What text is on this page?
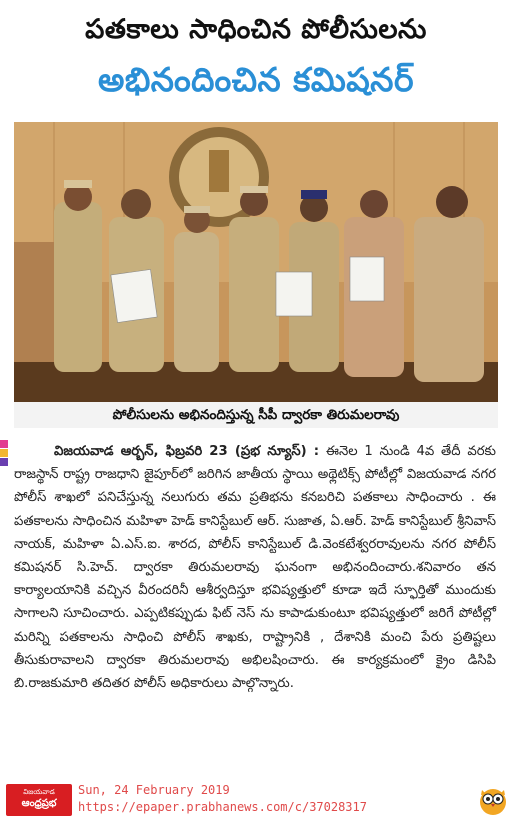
పతకాలు సాధించిన పోలీసులను
అభినందించిన కమిషనర్
పోలీసులను అభినందిస్తున్న సీపీ ద్వారకా తిరుమలరావు
విజయవాడ ఆర్బన్, ఫిబ్రవరి 23 (ప్రభ న్యూస్) : ఈనెల 1 నుండి 4వ తేదీ వరకు రాజస్థాన్ రాష్ట్ర రాజధాని జైపూర్‌లో జరిగిన జాతీయ స్థాయి అథ్లెటిక్స్ పోటీల్లో విజయవాడ నగర పోలీస్ శాఖలో పనిచేస్తున్న నలుగురు తమ ప్రతిభను కనబరిచి పతకాలు సాధించారు . ఈ పతకాలను సాధించిన మహిళా హెడ్ కానిస్టేబుల్ ఆర్. సుజాత, ఏ.ఆర్. హెడ్ కానిస్టేబుల్ శ్రీనివాస్ నాయక్, మహిళా ఏ.ఎస్.ఐ. శారద, పోలీస్ కానిస్టేబుల్ డి.వెంకటేశ్వరరావులను నగర పోలీస్ కమిషనర్ సి.హెచ్. ద్వారకా తిరుమలరావు ఘనంగా అభినందించారు.శనివారం తన కార్యాలయానికి వచ్చిన వీరందరినీ ఆశీర్వదిస్తూ భవిష్యత్తులో కూడా ఇదే స్ఫూర్తితో ముందుకు సాగాలని సూచించారు. ఎప్పటికప్పుడు ఫిట్ నెస్ ను కాపాడుకుంటూ భవిష్యత్తులో జరిగే పోటీల్లో మరిన్ని పతకాలను సాధించి పోలీస్ శాఖకు, రాష్ట్రానికి , దేశానికి మంచి పేరు ప్రతిష్టలు తీసుకురావాలని ద్వారకా తిరుమలరావు అభిలషించారు. ఈ కార్యక్రమంలో క్రైం డిసిపి బి.రాజకుమారి తదితర పోలీస్ అధికారులు పాల్గొన్నారు.
విజయవాడ
ఆంధ్రప్రభ
Sun, 24 February 2019
https://epaper.prabhanews.com/c/37028317
